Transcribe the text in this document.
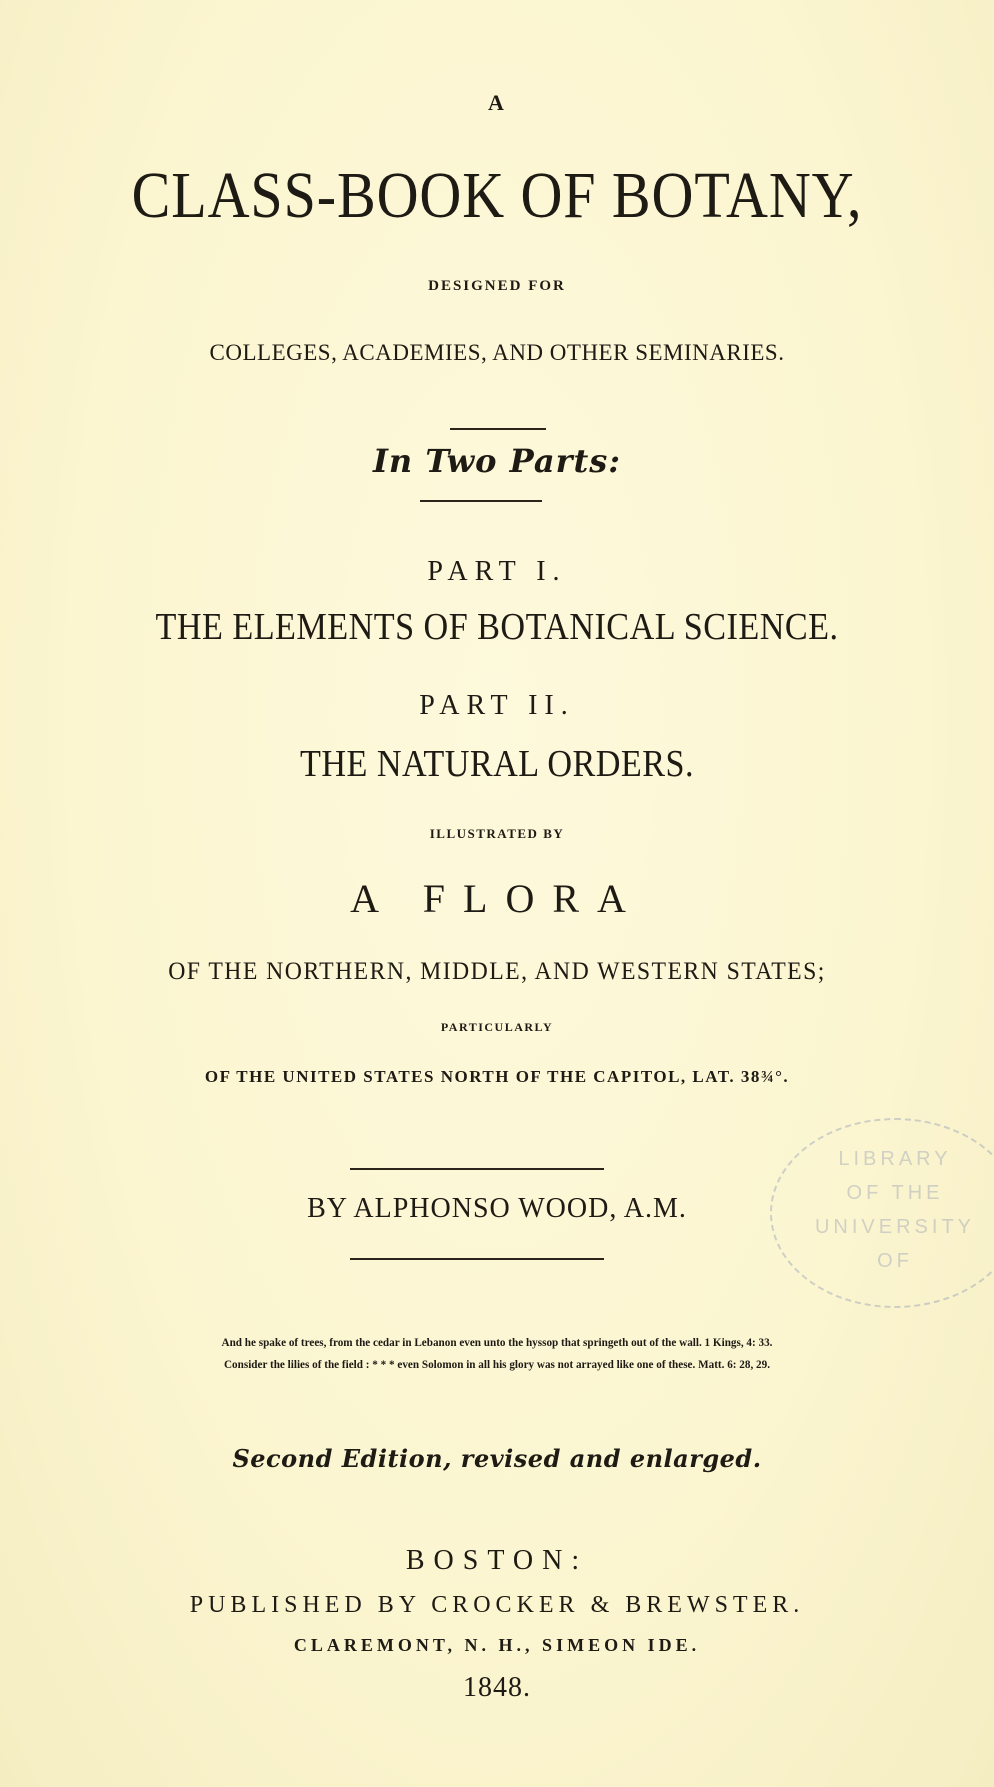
A
CLASS-BOOK OF BOTANY,
DESIGNED FOR
COLLEGES, ACADEMIES, AND OTHER SEMINARIES.
In Two Parts:
PART I.
THE ELEMENTS OF BOTANICAL SCIENCE.
PART II.
THE NATURAL ORDERS.
ILLUSTRATED BY
A FLORA
OF THE NORTHERN, MIDDLE, AND WESTERN STATES;
PARTICULARLY
OF THE UNITED STATES NORTH OF THE CAPITOL, LAT. 38¾°.
BY ALPHONSO WOOD, A.M.
LIBRARY
OF THE
UNIVERSITY
OF
And he spake of trees, from the cedar in Lebanon even unto the hyssop that springeth out of the wall. 1 Kings, 4: 33.
Consider the lilies of the field : * * * even Solomon in all his glory was not arrayed like one of these. Matt. 6: 28, 29.
Second Edition, revised and enlarged.
BOSTON:
PUBLISHED BY CROCKER & BREWSTER.
CLAREMONT, N. H., SIMEON IDE.
1848.
